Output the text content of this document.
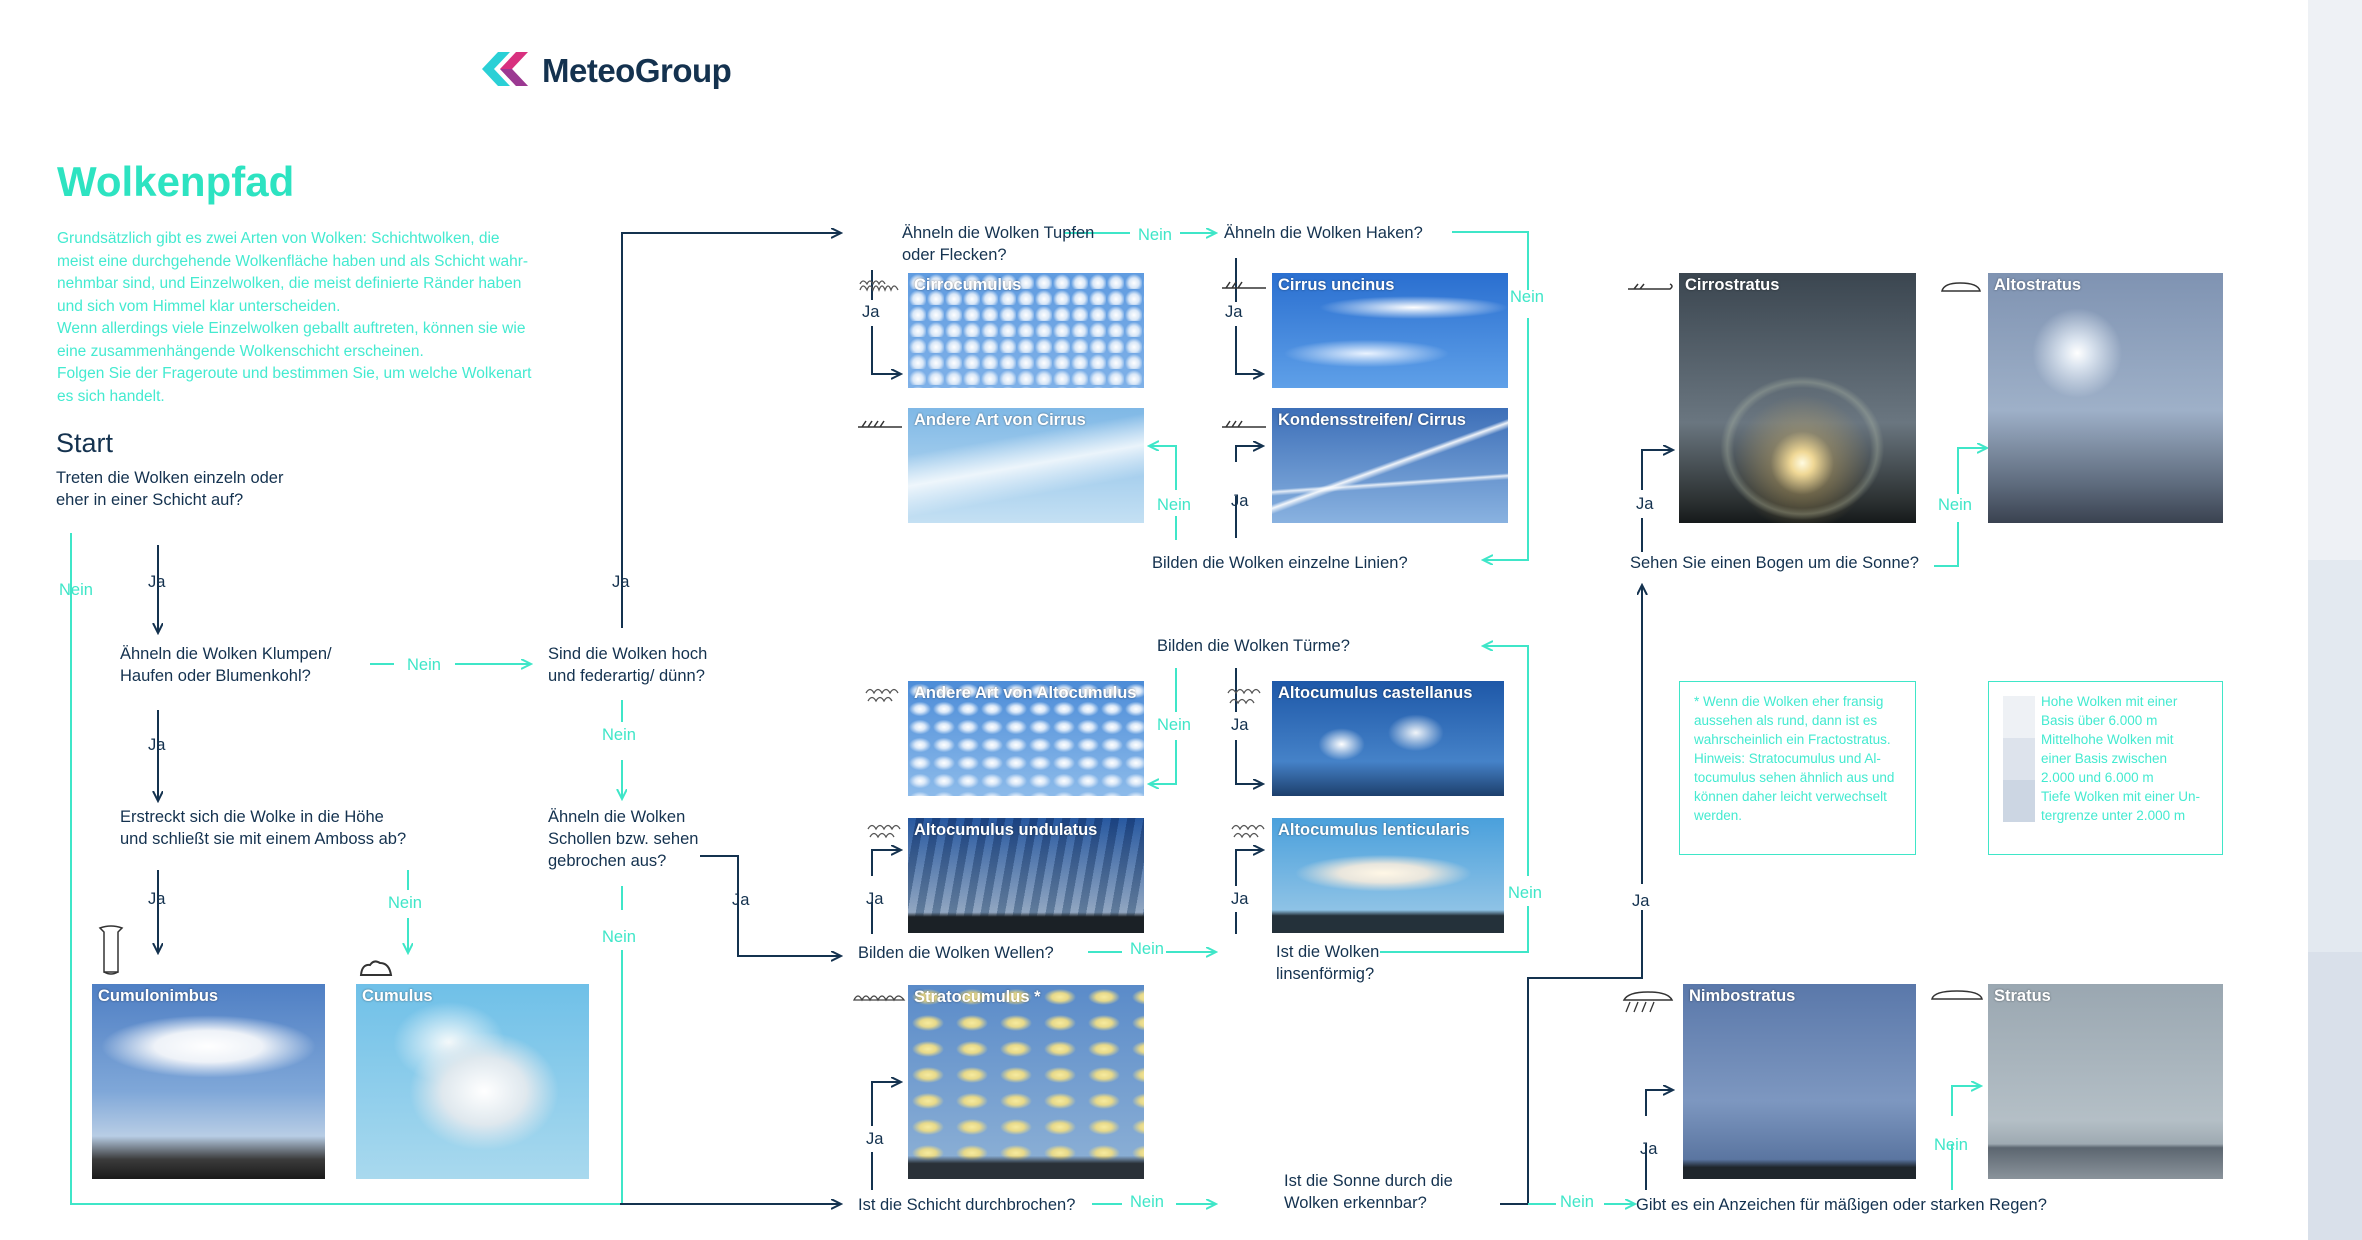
MeteoGroup
Wolkenpfad

Grundsätzlich gibt es zwei Arten von Wolken: Schichtwolken, die

meist eine durchgehende Wolkenfläche haben und als Schicht wahr-

nehmbar sind, und Einzelwolken, die meist definierte Ränder haben

und sich vom Himmel klar unterscheiden.

Wenn allerdings viele Einzelwolken geballt auftreten, können sie wie

eine zusammenhängende Wolkenschicht erscheinen.

Folgen Sie der Frageroute und bestimmen Sie, um welche Wolkenart

es sich handelt.

Start
Treten die Wolken einzeln oder
eher in einer Schicht auf?
Ähneln die Wolken Klumpen/
Haufen oder Blumenkohl?
Erstreckt sich die Wolke in die Höhe
und schließt sie mit einem Amboss ab?
Sind die Wolken hoch
und federartig/ dünn?
Ähneln die Wolken
Schollen bzw. sehen
gebrochen aus?
Ähneln die Wolken Tupfen
oder Flecken?
Ähneln die Wolken Haken?
Bilden die Wolken einzelne Linien?
Bilden die Wolken Türme?
Bilden die Wolken Wellen?	Ist die Wolken
linsenförmig?
Ist die Schicht durchbrochen?
Ist die Sonne durch die
Wolken erkennbar?	Gibt es ein Anzeichen für mäßigen oder starken Regen?
Sehen Sie einen Bogen um die Sonne?
Ja
Nein
Ja
Nein
Ja	Nein
Ja
Nein
Ja
Nein
Ja
Nein
Ja
Nein
Ja
Nein
Ja
Nein
Ja
Nein
Ja	Nein
Ja
Nein
Ja
Nein
Ja	Nein
Ja	Nein
Cumulonimbus	Cumulus
Cirrocumulus
Andere Art von Cirrus
Cirrus uncinus
Kondensstreifen/ Cirrus
Andere Art von Altocumulus	Altocumulus castellanus
Altocumulus undulatus	Altocumulus lenticularis
Stratocumulus *
Cirrostratus	Altostratus
Nimbostratus	Stratus
* Wenn die Wolken eher fransig
aussehen als rund, dann ist es
wahrscheinlich ein Fractostratus.
Hinweis: Stratocumulus und Al-
tocumulus sehen ähnlich aus und
können daher leicht verwechselt
werden.
Hohe Wolken mit einer
Basis über 6.000 m
Mittelhohe Wolken mit
einer Basis zwischen
2.000 und 6.000 m
Tiefe Wolken mit einer Un-
tergrenze unter 2.000 m
